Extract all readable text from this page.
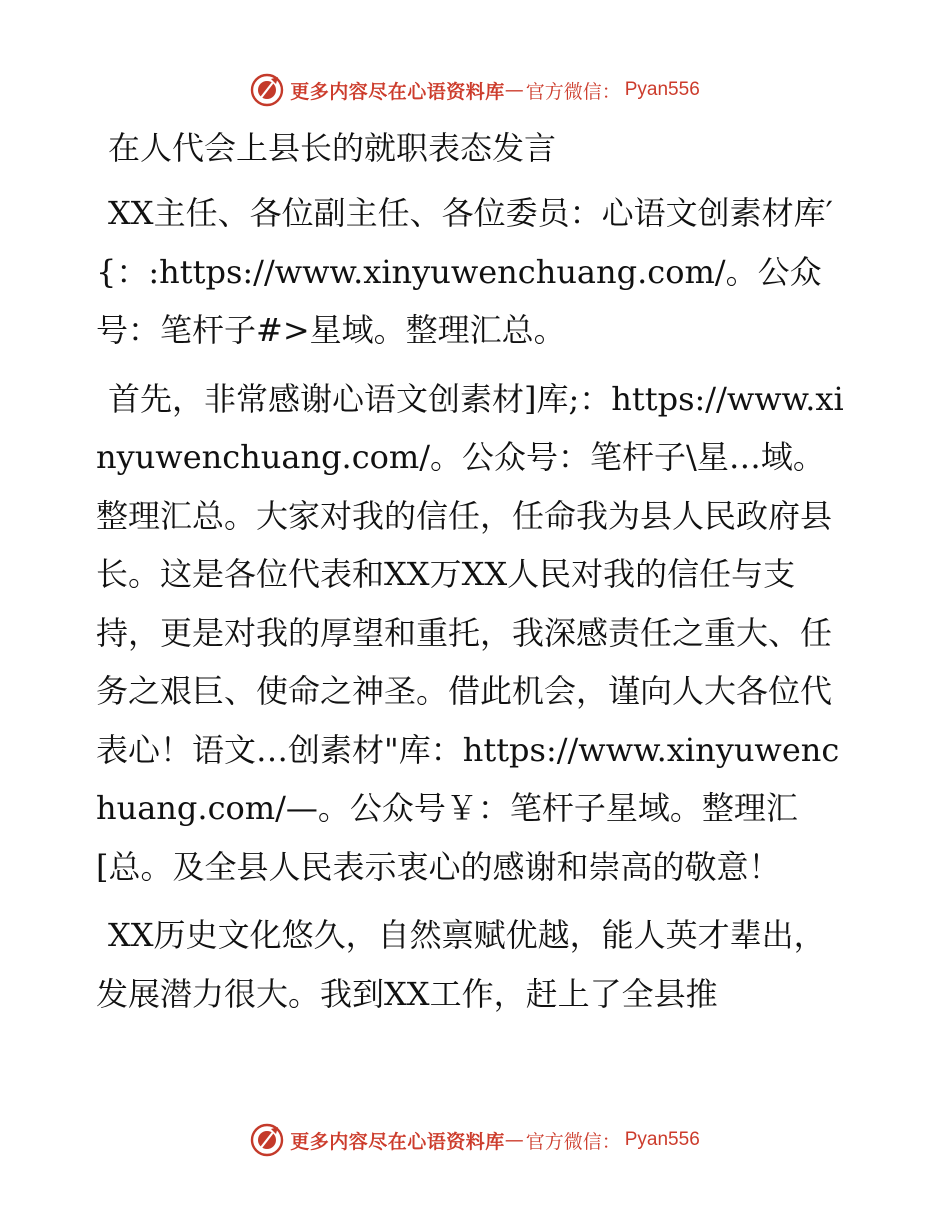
更多内容尽在心语资料库 — 官方微信： Pyan556
在人代会上县长的就职表态发言

XX主任、各位副主任、各位委员：心语文创素材库′{：:https://www.xinyuwenchuang.com/。公众号：笔杆子#>星域。整理汇总。

首先，非常感谢心语文创素材]库;：https://www.xinyuwenchuang.com/。公众号：笔杆子\星…域。整理汇总。大家对我的信任，任命我为县人民政府县长。这是各位代表和XX万XX人民对我的信任与支持，更是对我的厚望和重托，我深感责任之重大、任务之艰巨、使命之神圣。借此机会，谨向人大各位代表心！语文…创素材"库：https://www.xinyuwenchuang.com/—。公众号￥：笔杆子星域。整理汇[总。及全县人民表示衷心的感谢和崇高的敬意！

XX历史文化悠久，自然禀赋优越，能人英才辈出，发展潜力很大。我到XX工作，赶上了全县推

更多内容尽在心语资料库 — 官方微信： Pyan556
